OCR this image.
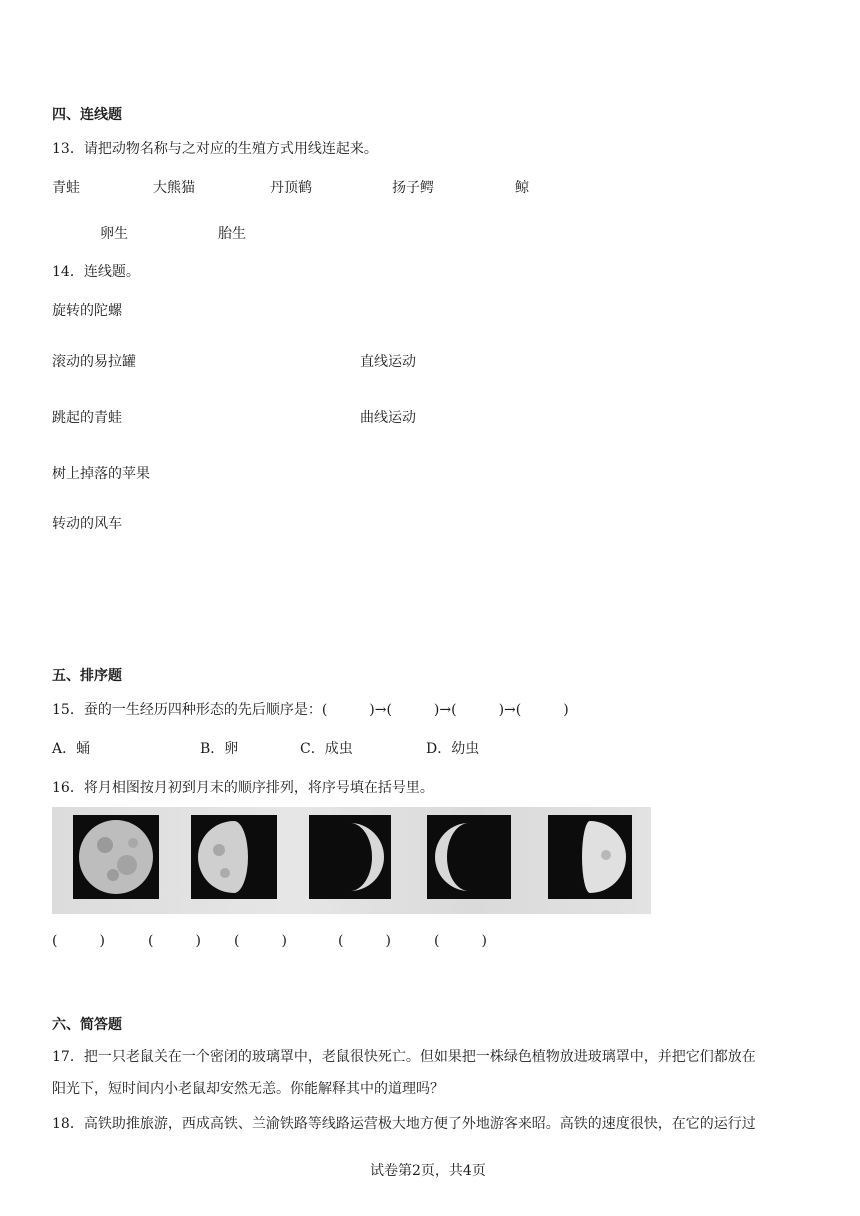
四、连线题
13．请把动物名称与之对应的生殖方式用线连起来。
青蛙	大熊猫	丹顶鹤	扬子鳄	鲸
卵生	胎生
14．连线题。
旋转的陀螺
滚动的易拉罐	直线运动
跳起的青蛙	曲线运动
树上掉落的苹果
转动的风车
五、排序题
15．蚕的一生经历四种形态的先后顺序是：(　　　)→(　　　)→(　　　)→(　　　)
A．蛹	B．卵	C．成虫	D．幼虫
16．将月相图按月初到月末的顺序排列，将序号填在括号里。
(　　　)	(　　　) (　　　)	(　　　)	(　　　)
六、简答题
17．把一只老鼠关在一个密闭的玻璃罩中，老鼠很快死亡。但如果把一株绿色植物放进玻璃罩中，并把它们都放在
阳光下，短时间内小老鼠却安然无恙。你能解释其中的道理吗？
18．高铁助推旅游，西成高铁、兰渝铁路等线路运营极大地方便了外地游客来昭。高铁的速度很快，在它的运行过
试卷第2页，共4页
